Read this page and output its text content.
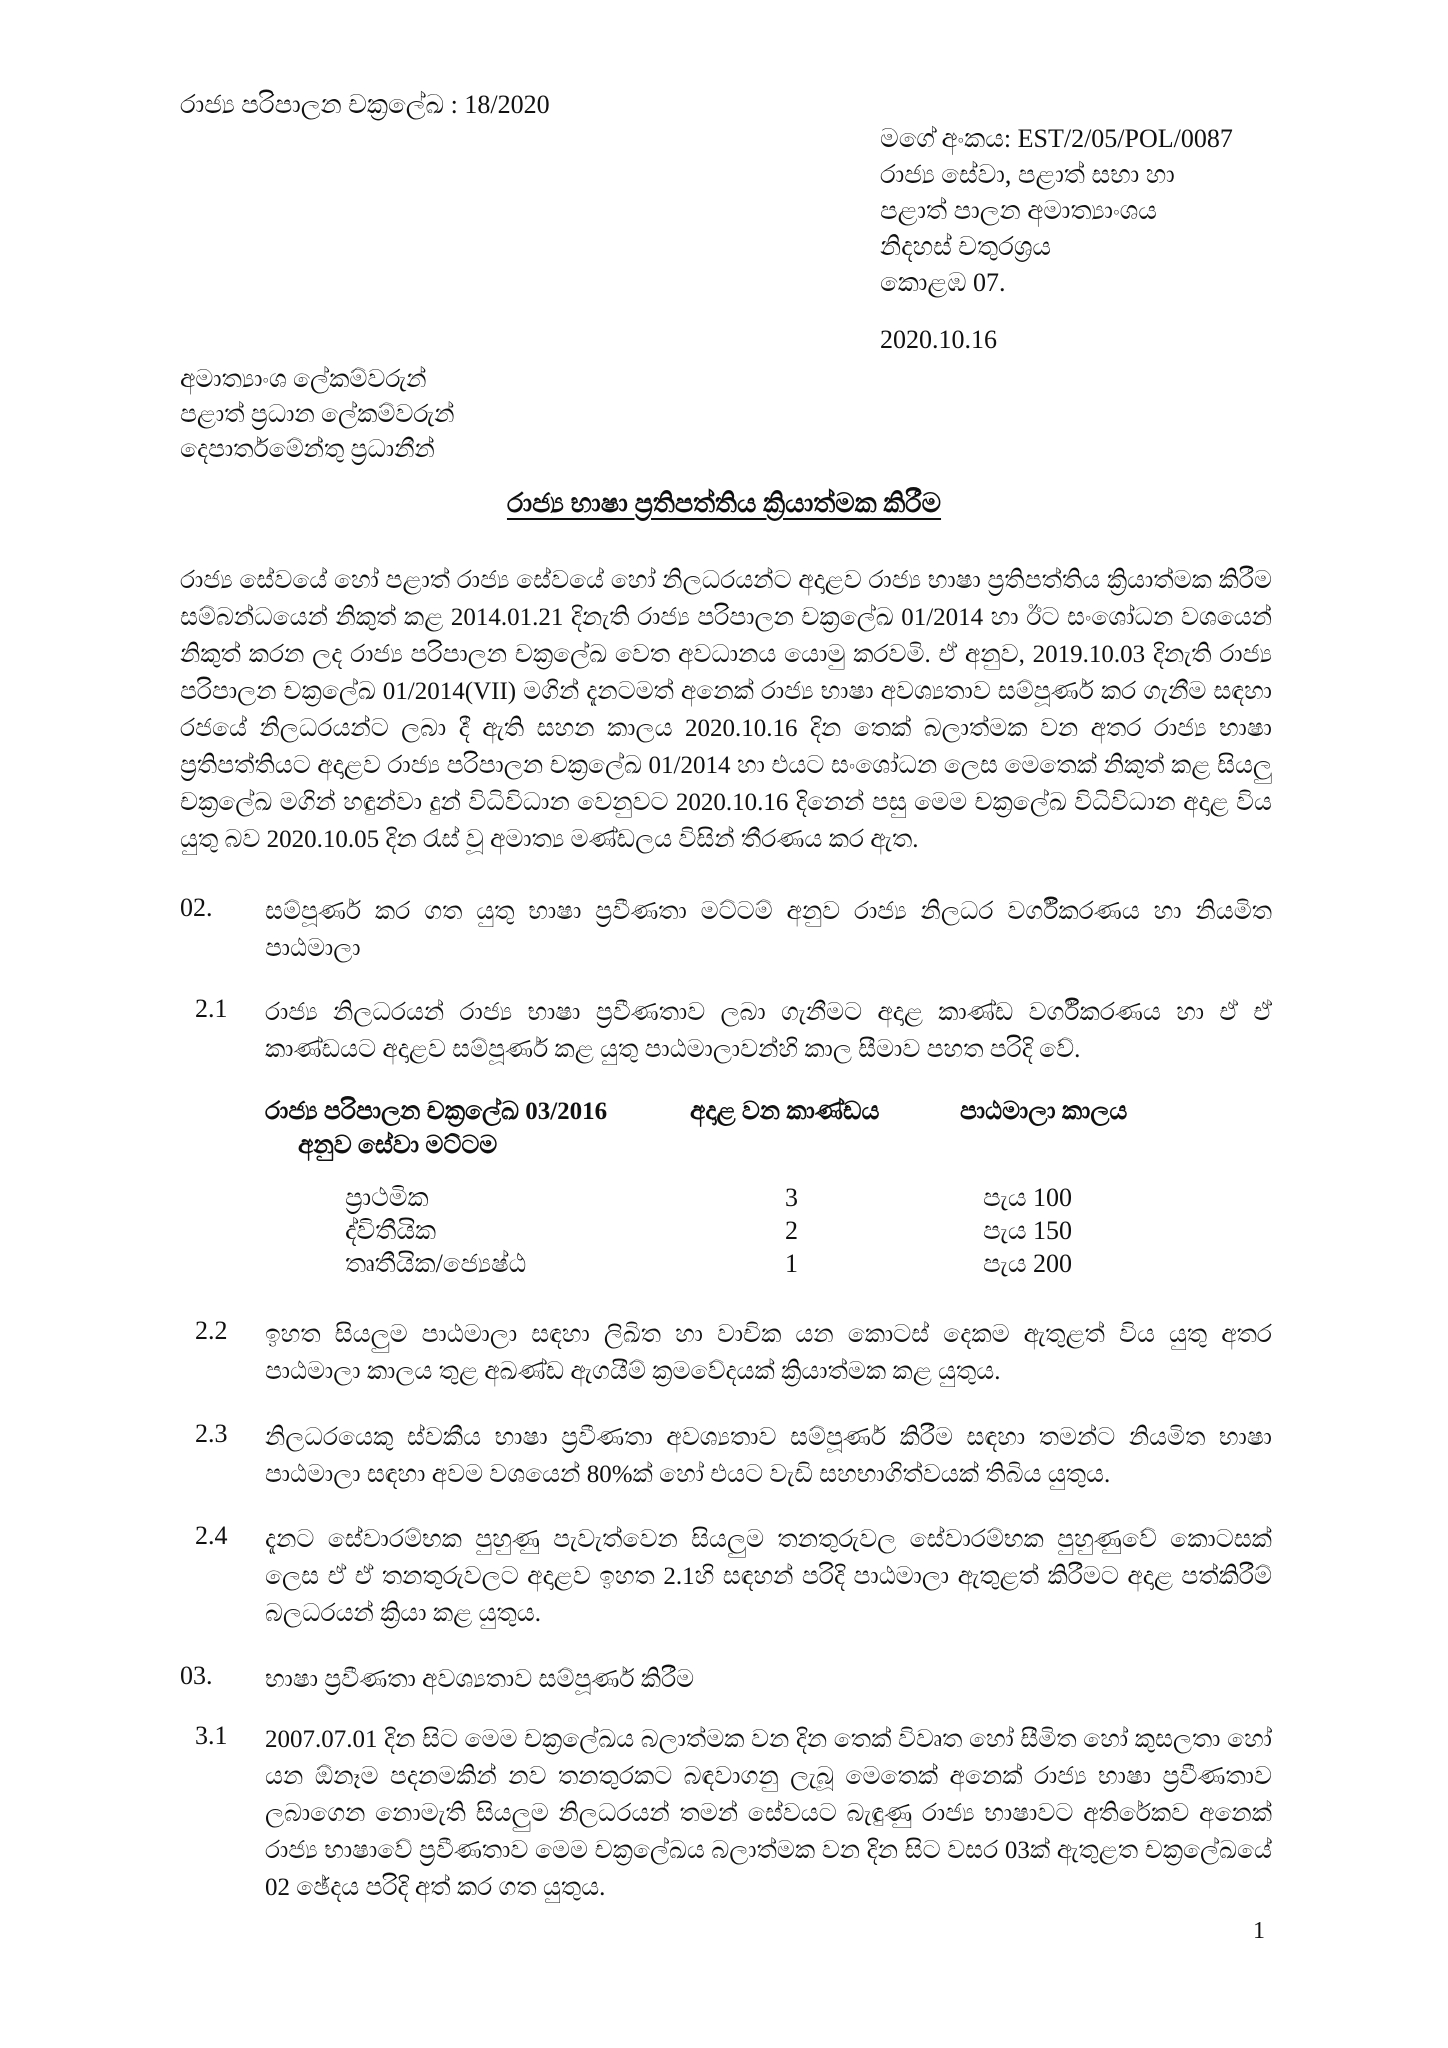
රාජ්‍ය පරිපාලන චක්‍රලේඛ : 18/2020
මගේ අංකය: EST/2/05/POL/0087
රාජ්‍ය සේවා, පළාත් සභා හා
පළාත් පාලන අමාත්‍යාංශය
නිදහස් චතුරශ්‍රය
කොළඹ 07.
2020.10.16
අමාත්‍යාංශ ලේකම්වරුන්
පළාත් ප්‍රධාන ලේකම්වරුන්
දෙපාර්තමේන්තු ප්‍රධානීන්
රාජ්‍ය භාෂා ප්‍රතිපත්තිය ක්‍රියාත්මක කිරීම
රාජ්‍ය සේවයේ හෝ පළාත් රාජ්‍ය සේවයේ හෝ නිලධරයන්ට අදාළව රාජ්‍ය භාෂා ප්‍රතිපත්තිය ක්‍රියාත්මක කිරීම සම්බන්ධයෙන් නිකුත් කළ 2014.01.21 දිනැති රාජ්‍ය පරිපාලන චක්‍රලේඛ 01/2014 හා ඊට සංශෝධන වශයෙන් නිකුත් කරන ලද රාජ්‍ය පරිපාලන චක්‍රලේඛ වෙත අවධානය යොමු කරවමි. ඒ අනුව, 2019.10.03 දිනැති රාජ්‍ය පරිපාලන චක්‍රලේඛ 01/2014(VII) මගින් දැනටමත් අනෙක් රාජ්‍ය භාෂා අවශ්‍යතාව සම්පූර්ණ කර ගැනීම සඳහා රජයේ නිලධරයන්ට ලබා දී ඇති සහන කාලය 2020.10.16 දින තෙක් බලාත්මක වන අතර රාජ්‍ය භාෂා ප්‍රතිපත්තියට අදාළව රාජ්‍ය පරිපාලන චක්‍රලේඛ 01/2014 හා එයට සංශෝධන ලෙස මෙතෙක් නිකුත් කළ සියලු චක්‍රලේඛ මගින් හඳුන්වා දුන් විධිවිධාන වෙනුවට 2020.10.16 දිනෙන් පසු මෙම චක්‍රලේඛ විධිවිධාන අදාළ විය යුතු බව 2020.10.05 දින රැස් වූ අමාත්‍ය මණ්ඩලය විසින් තීරණය කර ඇත.
02. සම්පූර්ණ කර ගත යුතු භාෂා ප්‍රවීණතා මට්ටම් අනුව රාජ්‍ය නිලධර වර්ගීකරණය හා නියමිත පාඨමාලා
2.1 රාජ්‍ය නිලධරයන් රාජ්‍ය භාෂා ප්‍රවීණතාව ලබා ගැනීමට අදාළ කාණ්ඩ වර්ගීකරණය හා ඒ ඒ කාණ්ඩයට අදාළව සම්පූර්ණ කළ යුතු පාඨමාලාවන්හි කාල සීමාව පහත පරිදි වේ.
රාජ්‍ය පරිපාලන චක්‍රලේඛ 03/2016
අනුව සේවා මට්ටම
අදාළ වන කාණ්ඩය	පාඨමාලා කාලය
ප්‍රාථමික	3	පැය 100
ද්විතීයික	2	පැය 150
තෘතීයික/ජ්‍යෙෂ්ඨ	1	පැය 200
2.2 ඉහත සියලුම පාඨමාලා සඳහා ලිඛිත හා වාචික යන කොටස් දෙකම ඇතුළත් විය යුතු අතර පාඨමාලා කාලය තුළ අඛණ්ඩ ඇගයීම් ක්‍රමවේදයක් ක්‍රියාත්මක කළ යුතුය.
2.3 නිලධරයෙකු ස්වකීය භාෂා ප්‍රවීණතා අවශ්‍යතාව සම්පූර්ණ කිරීම සඳහා තමන්ට නියමිත භාෂා පාඨමාලා සඳහා අවම වශයෙන් 80%ක් හෝ එයට වැඩි සහභාගිත්වයක් තිබිය යුතුය.
2.4 දැනට සේවාරම්භක පුහුණු පැවැත්වෙන සියලුම තනතුරුවල සේවාරම්භක පුහුණුවේ කොටසක් ලෙස ඒ ඒ තනතුරුවලට අදාළව ඉහත 2.1හි සඳහන් පරිදි පාඨමාලා ඇතුළත් කිරීමට අදාළ පත්කිරීම් බලධරයන් ක්‍රියා කළ යුතුය.
03. භාෂා ප්‍රවීණතා අවශ්‍යතාව සම්පූර්ණ කිරීම
3.1 2007.07.01 දින සිට මෙම චක්‍රලේඛය බලාත්මක වන දින තෙක් විවෘත හෝ සීමිත හෝ කුසලතා හෝ යන ඕනෑම පදනමකින් නව තනතුරකට බඳවාගනු ලැබූ මෙතෙක් අනෙක් රාජ්‍ය භාෂා ප්‍රවීණතාව ලබාගෙන නොමැති සියලුම නිලධරයන් තමන් සේවයට බැඳුණු රාජ්‍ය භාෂාවට අතිරේකව අනෙක් රාජ්‍ය භාෂාවේ ප්‍රවීණතාව මෙම චක්‍රලේඛය බලාත්මක වන දින සිට වසර 03ක් ඇතුළත චක්‍රලේඛයේ 02 ඡේදය පරිදි අත් කර ගත යුතුය.
1
